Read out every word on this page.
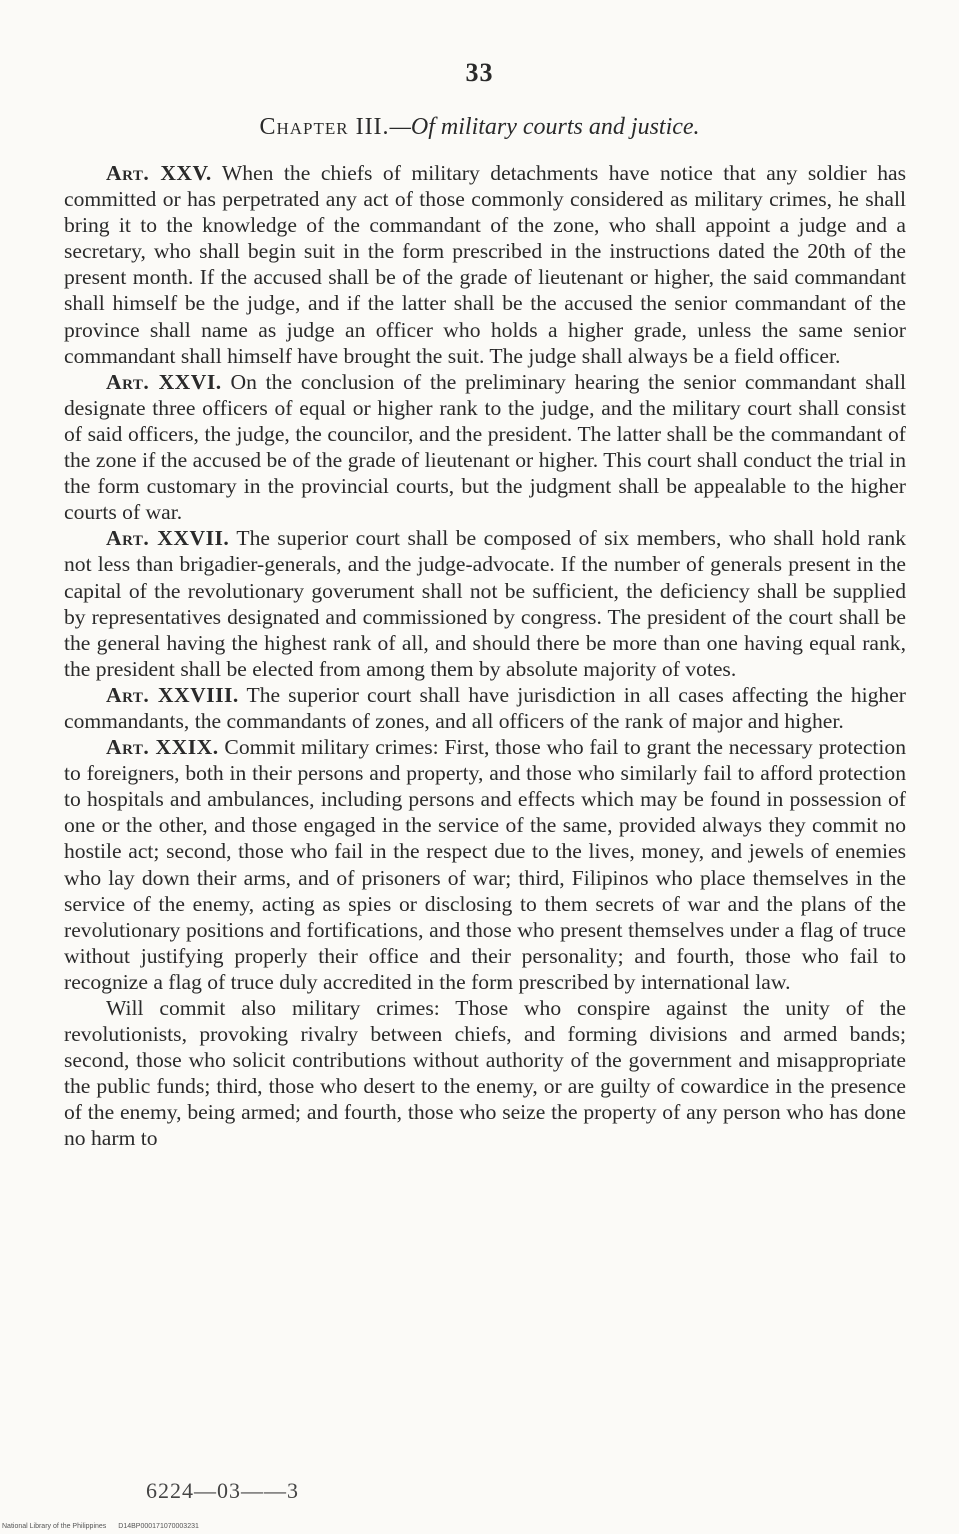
33
Chapter III.—Of military courts and justice.

Art. XXV. When the chiefs of military detachments have notice that any soldier has committed or has perpetrated any act of those commonly considered as military crimes, he shall bring it to the knowledge of the commandant of the zone, who shall appoint a judge and a secretary, who shall begin suit in the form prescribed in the instructions dated the 20th of the present month. If the accused shall be of the grade of lieutenant or higher, the said commandant shall himself be the judge, and if the latter shall be the accused the senior commandant of the province shall name as judge an officer who holds a higher grade, unless the same senior commandant shall himself have brought the suit. The judge shall always be a field officer.

Art. XXVI. On the conclusion of the preliminary hearing the senior commandant shall designate three officers of equal or higher rank to the judge, and the military court shall consist of said officers, the judge, the councilor, and the president. The latter shall be the commandant of the zone if the accused be of the grade of lieutenant or higher. This court shall conduct the trial in the form customary in the provincial courts, but the judgment shall be appealable to the higher courts of war.

Art. XXVII. The superior court shall be composed of six members, who shall hold rank not less than brigadier-generals, and the judge-advocate. If the number of generals present in the capital of the revolutionary goverument shall not be sufficient, the deficiency shall be supplied by representatives designated and commissioned by congress. The president of the court shall be the general having the highest rank of all, and should there be more than one having equal rank, the president shall be elected from among them by absolute majority of votes.

Art. XXVIII. The superior court shall have jurisdiction in all cases affecting the higher commandants, the commandants of zones, and all officers of the rank of major and higher.

Art. XXIX. Commit military crimes: First, those who fail to grant the necessary protection to foreigners, both in their persons and property, and those who similarly fail to afford protection to hospitals and ambulances, including persons and effects which may be found in possession of one or the other, and those engaged in the service of the same, provided always they commit no hostile act; second, those who fail in the respect due to the lives, money, and jewels of enemies who lay down their arms, and of prisoners of war; third, Filipinos who place themselves in the service of the enemy, acting as spies or disclosing to them secrets of war and the plans of the revolutionary positions and fortifications, and those who present themselves under a flag of truce without justifying properly their office and their personality; and fourth, those who fail to recognize a flag of truce duly accredited in the form prescribed by international law.

Will commit also military crimes: Those who conspire against the unity of the revolutionists, provoking rivalry between chiefs, and forming divisions and armed bands; second, those who solicit contributions without authority of the government and misappropriate the public funds; third, those who desert to the enemy, or are guilty of cowardice in the presence of the enemy, being armed; and fourth, those who seize the property of any person who has done no harm to

6224—03——3
National Library of the Philippines D14BP000171070003231
